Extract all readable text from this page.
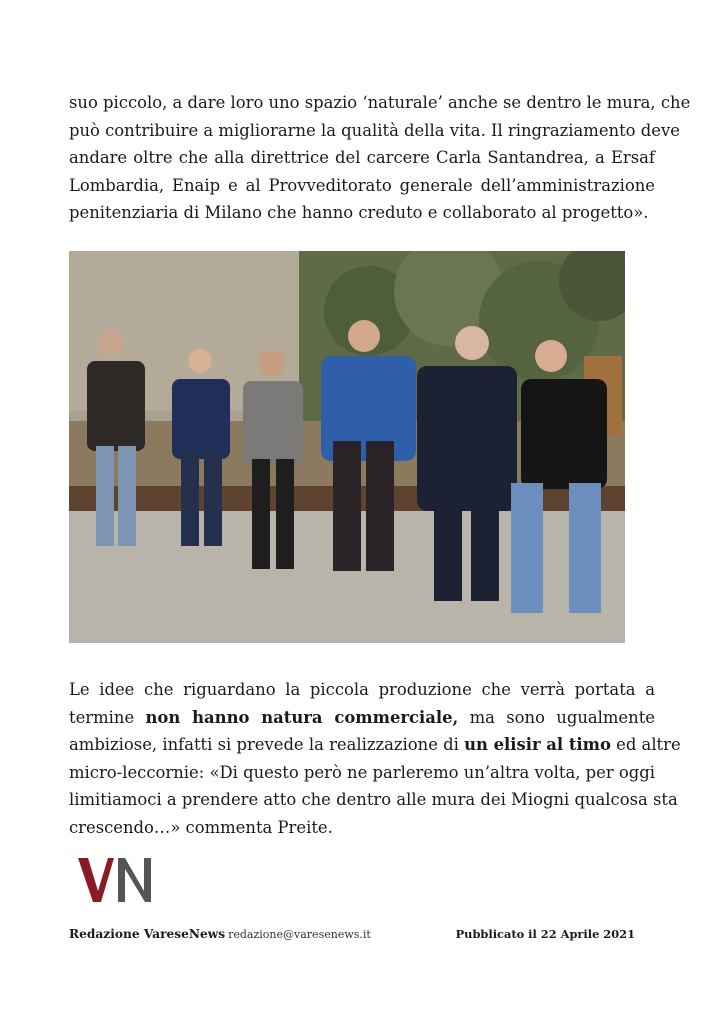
suo piccolo, a dare loro uno spazio ‘naturale’ anche se dentro le mura, che
può contribuire a migliorarne la qualità della vita. Il ringraziamento deve
andare oltre che alla direttrice del carcere Carla Santandrea, a Ersaf
Lombardia, Enaip e al Provveditorato generale dell’amministrazione
penitenziaria di Milano che hanno creduto e collaborato al progetto».
Le idee che riguardano la piccola produzione che verrà portata a
termine non hanno natura commerciale, ma sono ugualmente
ambiziose, infatti si prevede la realizzazione di un elisir al timo ed altre
micro-leccornie: «Di questo però ne parleremo un’altra volta, per oggi
limitiamoci a prendere atto che dentro alle mura dei Miogni qualcosa sta
crescendo…» commenta Preite.
Redazione VareseNews redazione@varesenews.it	Pubblicato il 22 Aprile 2021
